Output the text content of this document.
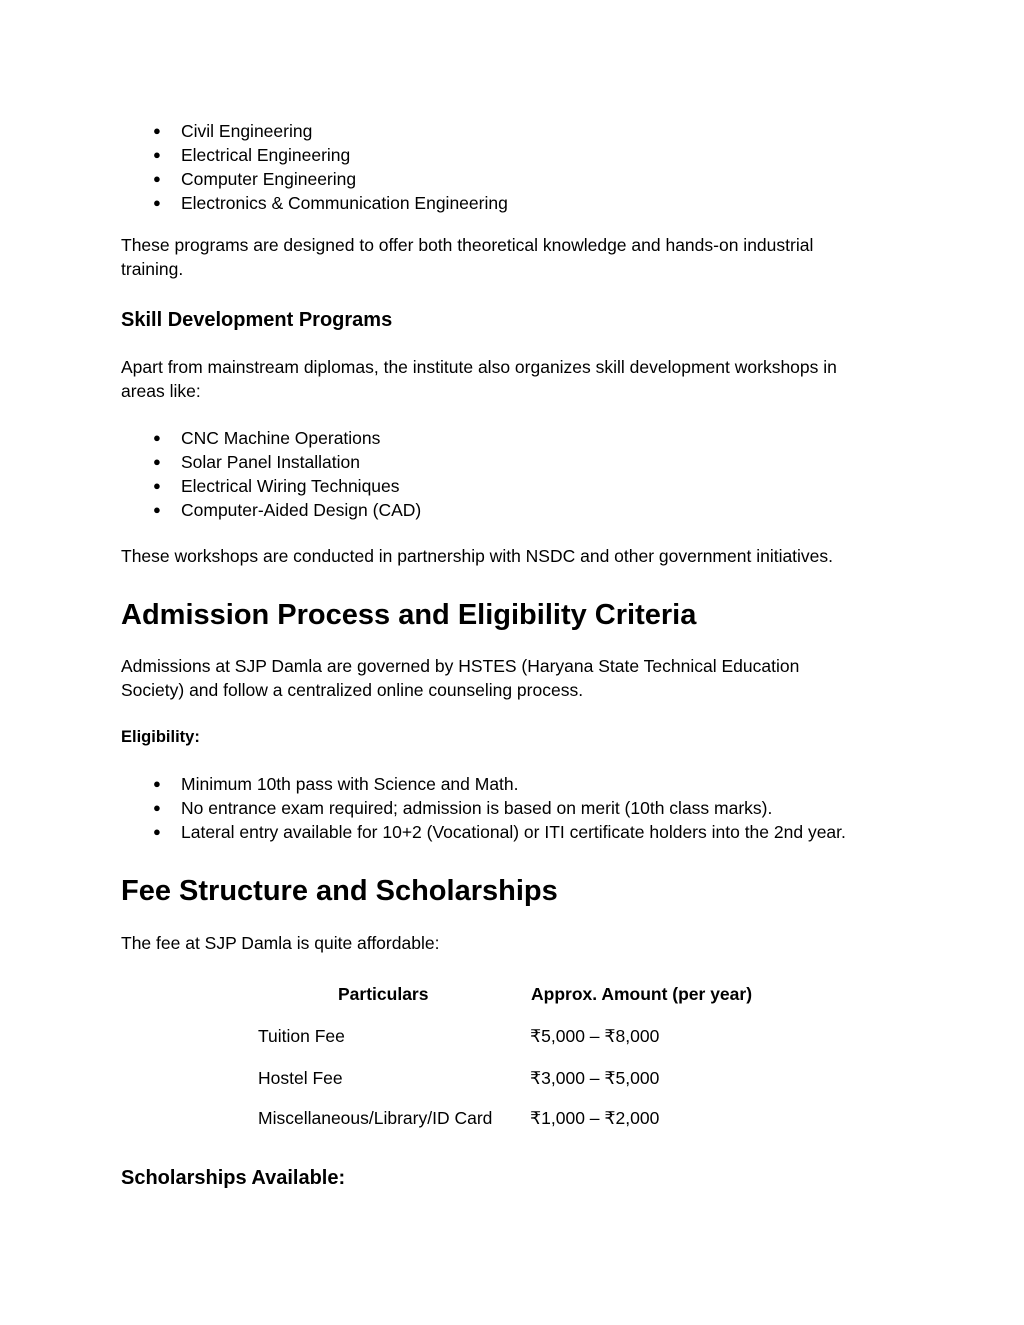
● Civil Engineering
● Electrical Engineering
● Computer Engineering
● Electronics & Communication Engineering

These programs are designed to offer both theoretical knowledge and hands-on industrial

training.

Skill Development Programs

Apart from mainstream diplomas, the institute also organizes skill development workshops in

areas like:

● CNC Machine Operations
● Solar Panel Installation
● Electrical Wiring Techniques
● Computer-Aided Design (CAD)

These workshops are conducted in partnership with NSDC and other government initiatives.

Admission Process and Eligibility Criteria

Admissions at SJP Damla are governed by HSTES (Haryana State Technical Education

Society) and follow a centralized online counseling process.

Eligibility:
● Minimum 10th pass with Science and Math.
● No entrance exam required; admission is based on merit (10th class marks).
● Lateral entry available for 10+2 (Vocational) or ITI certificate holders into the 2nd year.
Fee Structure and Scholarships

The fee at SJP Damla is quite affordable:

Particulars	Approx. Amount (per year)
Tuition Fee	₹5,000 – ₹8,000
Hostel Fee	₹3,000 – ₹5,000
Miscellaneous/Library/ID Card ₹1,000 – ₹2,000
Scholarships Available:
